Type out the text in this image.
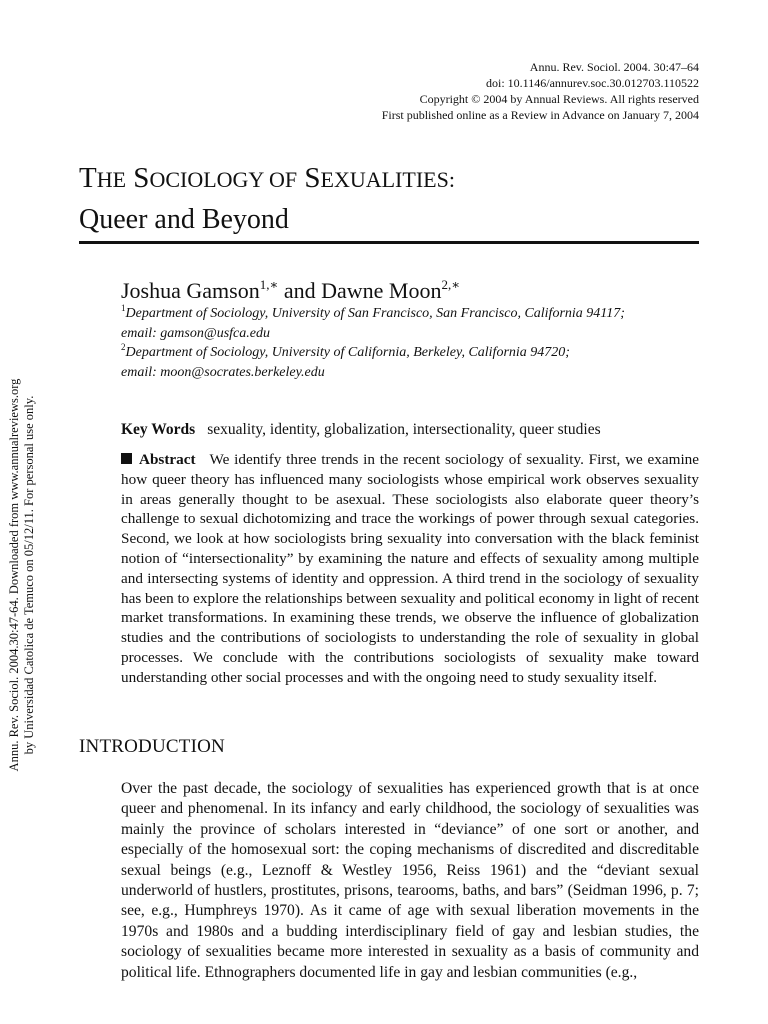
Annu. Rev. Sociol. 2004.30:47-64. Downloaded from www.annualreviews.org by Universidad Catolica de Temuco on 05/12/11. For personal use only.
Annu. Rev. Sociol. 2004. 30:47–64
doi: 10.1146/annurev.soc.30.012703.110522
Copyright © 2004 by Annual Reviews. All rights reserved
First published online as a Review in Advance on January 7, 2004
THE SOCIOLOGY OF SEXUALITIES:
Queer and Beyond
Joshua Gamson$^{1,∗}$ and Dawne Moon$^{2,∗}$
$^1$Department of Sociology, University of San Francisco, San Francisco, California 94117;
email: gamson@usfca.edu
$^2$Department of Sociology, University of California, Berkeley, California 94720;
email: moon@socrates.berkeley.edu
Key Words sexuality, identity, globalization, intersectionality, queer studies
Abstract We identify three trends in the recent sociology of sexuality. First, we examine how queer theory has influenced many sociologists whose empirical work observes sexuality in areas generally thought to be asexual. These sociologists also elaborate queer theory’s challenge to sexual dichotomizing and trace the workings of power through sexual categories. Second, we look at how sociologists bring sexuality into conversation with the black feminist notion of “intersectionality” by examining the nature and effects of sexuality among multiple and intersecting systems of identity and oppression. A third trend in the sociology of sexuality has been to explore the relationships between sexuality and political economy in light of recent market transformations. In examining these trends, we observe the influence of globalization studies and the contributions of sociologists to understanding the role of sexuality in global processes. We conclude with the contributions sociologists of sexuality make toward understanding other social processes and with the ongoing need to study sexuality itself.
INTRODUCTION
Over the past decade, the sociology of sexualities has experienced growth that is at once queer and phenomenal. In its infancy and early childhood, the sociology of sexualities was mainly the province of scholars interested in “deviance” of one sort or another, and especially of the homosexual sort: the coping mechanisms of discredited and discreditable sexual beings (e.g., Leznoff & Westley 1956, Reiss 1961) and the “deviant sexual underworld of hustlers, prostitutes, prisons, tearooms, baths, and bars” (Seidman 1996, p. 7; see, e.g., Humphreys 1970). As it came of age with sexual liberation movements in the 1970s and 1980s and a budding interdisciplinary field of gay and lesbian studies, the sociology of sexualities became more interested in sexuality as a basis of community and political life. Ethnographers documented life in gay and lesbian communities (e.g.,
